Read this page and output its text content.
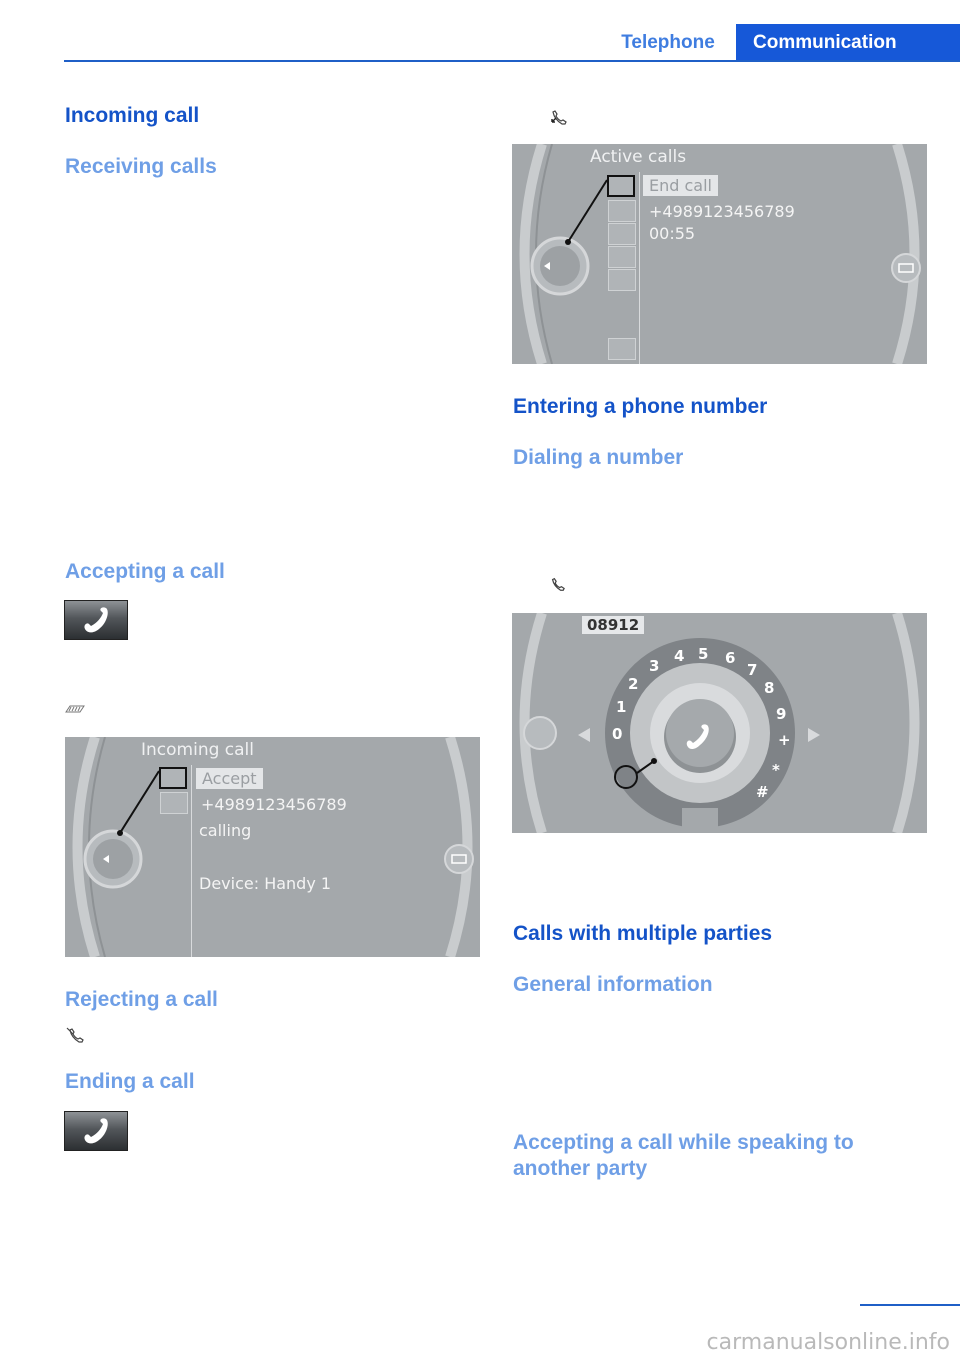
Telephone	Communication
Incoming call
Receiving calls
Accepting a call
Incoming call
Accept
+4989123456789
calling
Device: Handy 1
Rejecting a call
Ending a call
Active calls
End call
+4989123456789
00:55
Entering a phone number
Dialing a number
08912
3
4 5 6
7
2	8
1	9
0	+
*
#
Calls with multiple parties
General information
Accepting a call while speaking to another party
carmanualsonline.info
